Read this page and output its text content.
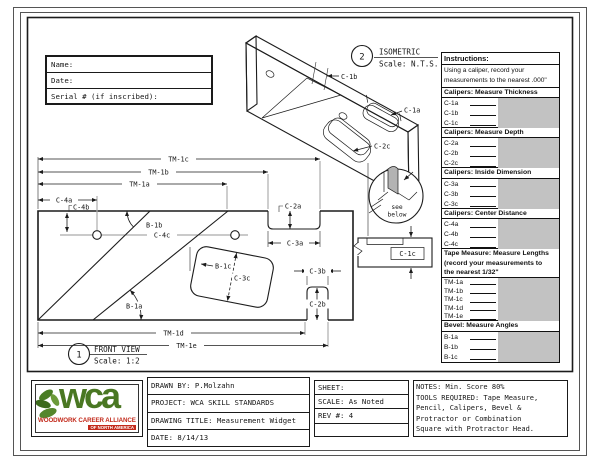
TM-1c
TM-1b
TM-1a
TM-1d
TM-1e
C-4a
C-4b
C-4c
C-2a
C-3a
C-3b
C-2b
C-3c
B-1c
B-1b
B-1a
1
FRONT VIEW
Scale: 1:2
C-1c
C-1b
C-1a
C-2c
see
below
2
ISOMETRIC
Scale: N.T.S.
Name:
Date:
Serial # (if inscribed):
Instructions:
Using a caliper, record your
measurements to the nearest .000"
Calipers: Measure Thickness
C-1a
C-1b
C-1c
Calipers: Measure Depth
C-2a
C-2b
C-2c
Calipers: Inside Dimension
C-3a
C-3b
C-3c
Calipers: Center Distance
C-4a
C-4b
C-4c
Tape Measure: Measure Lengths
(record your measurements to
the nearest 1/32"
TM-1a
TM-1b
TM-1c
TM-1d
TM-1e
Bevel: Measure Angles
B-1a
B-1b
B-1c
wca
WOODWORK CAREER ALLIANCE
OF NORTH AMERICA
DRAWN BY: P.Molzahn
PROJECT: WCA SKILL STANDARDS
DRAWING TITLE: Measurement Widget
DATE: 8/14/13
SHEET:
SCALE: As Noted
REV #: 4
NOTES: Min. Score 80%
TOOLS REQUIRED: Tape Measure,
Pencil, Calipers, Bevel &
Protractor or Combination
Square with Protractor Head.
